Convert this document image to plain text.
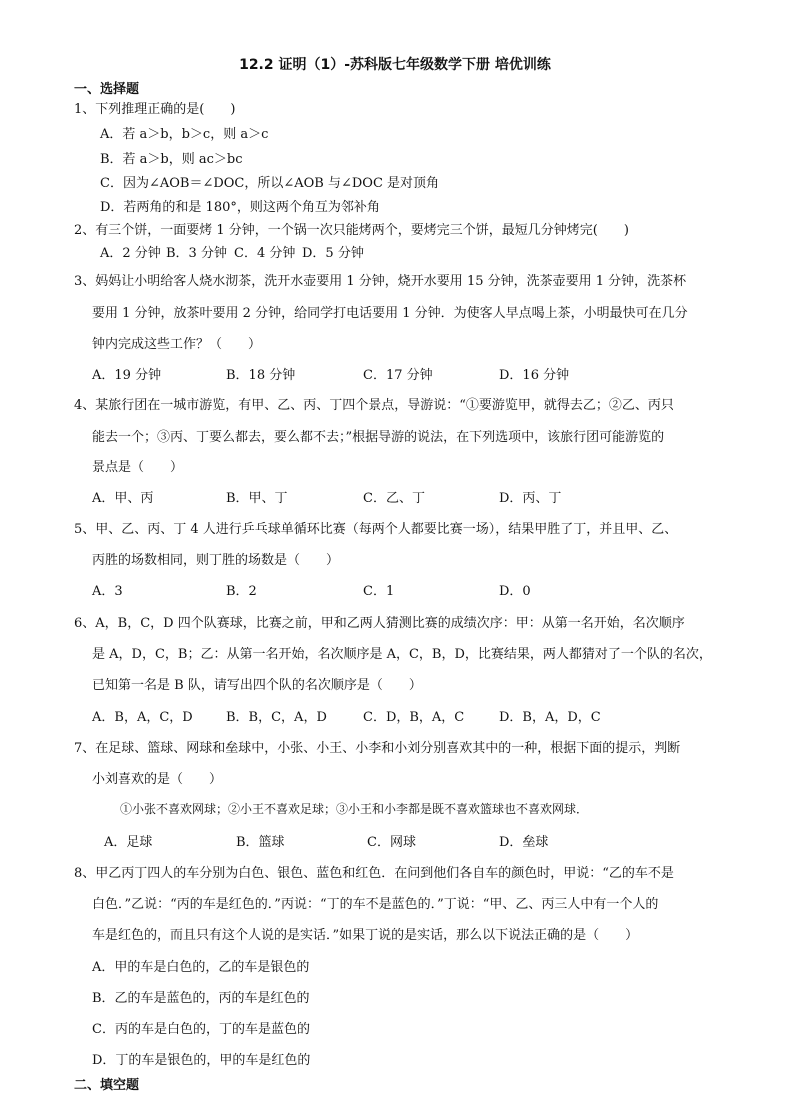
12.2 证明（1）-苏科版七年级数学下册 培优训练
一、选择题
1、下列推理正确的是(　　)
A．若 a＞b，b＞c，则 a＞c
B．若 a＞b，则 ac＞bc
C．因为∠AOB＝∠DOC，所以∠AOB 与∠DOC 是对顶角
D．若两角的和是 180°，则这两个角互为邻补角
2、有三个饼，一面要烤 1 分钟，一个锅一次只能烤两个，要烤完三个饼，最短几分钟烤完(　　)
A．2 分钟 B．3 分钟 C．4 分钟 D．5 分钟
3、妈妈让小明给客人烧水沏茶，洗开水壶要用 1 分钟，烧开水要用 15 分钟，洗茶壶要用 1 分钟，洗茶杯
要用 1 分钟，放茶叶要用 2 分钟，给同学打电话要用 1 分钟．为使客人早点喝上茶，小明最快可在几分
钟内完成这些工作？（　　）
A．19 分钟	B．18 分钟	C．17 分钟	D．16 分钟
4、某旅行团在一城市游览，有甲、乙、丙、丁四个景点，导游说：“①要游览甲，就得去乙；②乙、丙只
能去一个；③丙、丁要么都去，要么都不去；”根据导游的说法，在下列选项中，该旅行团可能游览的
景点是（　　）
A．甲、丙	B．甲、丁	C．乙、丁	D．丙、丁
5、甲、乙、丙、丁 4 人进行乒乓球单循环比赛（每两个人都要比赛一场），结果甲胜了丁，并且甲、乙、
丙胜的场数相同，则丁胜的场数是（　　）
A．3	B．2	C．1	D．0
6、A，B，C，D 四个队赛球，比赛之前，甲和乙两人猜测比赛的成绩次序：甲：从第一名开始，名次顺序
是 A，D，C，B；乙：从第一名开始，名次顺序是 A，C，B，D，比赛结果，两人都猜对了一个队的名次，
已知第一名是 B 队，请写出四个队的名次顺序是（　　）
A．B，A，C，D	B．B，C，A，D	C．D，B，A，C	D．B，A，D，C
7、在足球、篮球、网球和垒球中，小张、小王、小李和小刘分别喜欢其中的一种，根据下面的提示，判断
小刘喜欢的是（　　）
①小张不喜欢网球；②小王不喜欢足球；③小王和小李都是既不喜欢篮球也不喜欢网球．
A．足球	B．篮球	C．网球	D．垒球
8、甲乙丙丁四人的车分别为白色、银色、蓝色和红色．在问到他们各自车的颜色时，甲说：“乙的车不是
白色．”乙说：“丙的车是红色的．”丙说：“丁的车不是蓝色的．”丁说：“甲、乙、丙三人中有一个人的
车是红色的，而且只有这个人说的是实话．”如果丁说的是实话，那么以下说法正确的是（　　）
A．甲的车是白色的，乙的车是银色的
B．乙的车是蓝色的，丙的车是红色的
C．丙的车是白色的，丁的车是蓝色的
D．丁的车是银色的，甲的车是红色的
二、填空题
